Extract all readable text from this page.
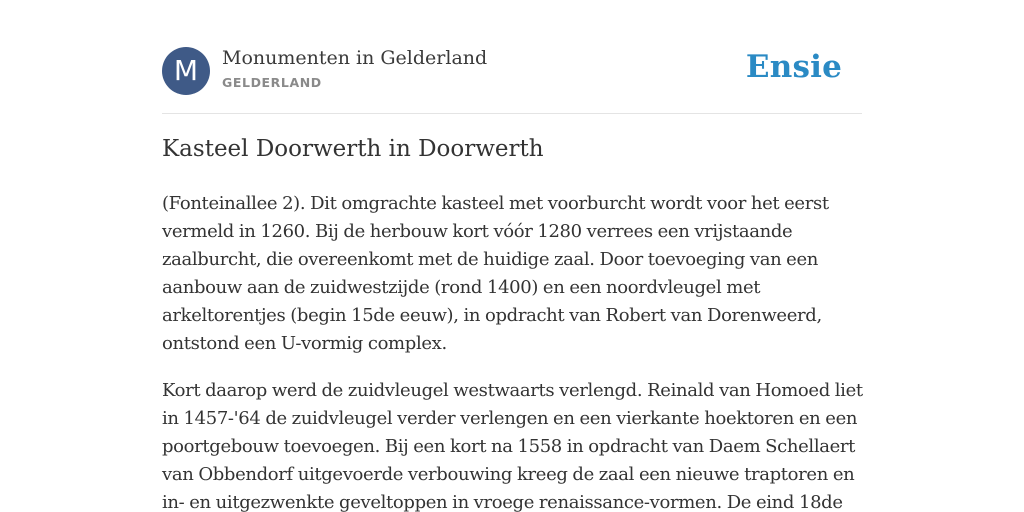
M	Monumenten in Gelderland
GELDERLAND	Ensie
Kasteel Doorwerth in Doorwerth

(Fonteinallee 2). Dit omgrachte kasteel met voorburcht wordt voor het eerst
vermeld in 1260. Bij de herbouw kort vóór 1280 verrees een vrijstaande
zaalburcht, die overeenkomt met de huidige zaal. Door toevoeging van een
aanbouw aan de zuidwestzijde (rond 1400) en een noordvleugel met
arkeltorentjes (begin 15de eeuw), in opdracht van Robert van Dorenweerd,
ontstond een U-vormig complex.

Kort daarop werd de zuidvleugel westwaarts verlengd. Reinald van Homoed liet
in 1457-'64 de zuidvleugel verder verlengen en een vierkante hoektoren en een
poortgebouw toevoegen. Bij een kort na 1558 in opdracht van Daem Schellaert
van Obbendorf uitgevoerde verbouwing kreeg de zaal een nieuwe traptoren en
in- en uitgezwenkte geveltoppen in vroege renaissance-vormen. De eind 18de
